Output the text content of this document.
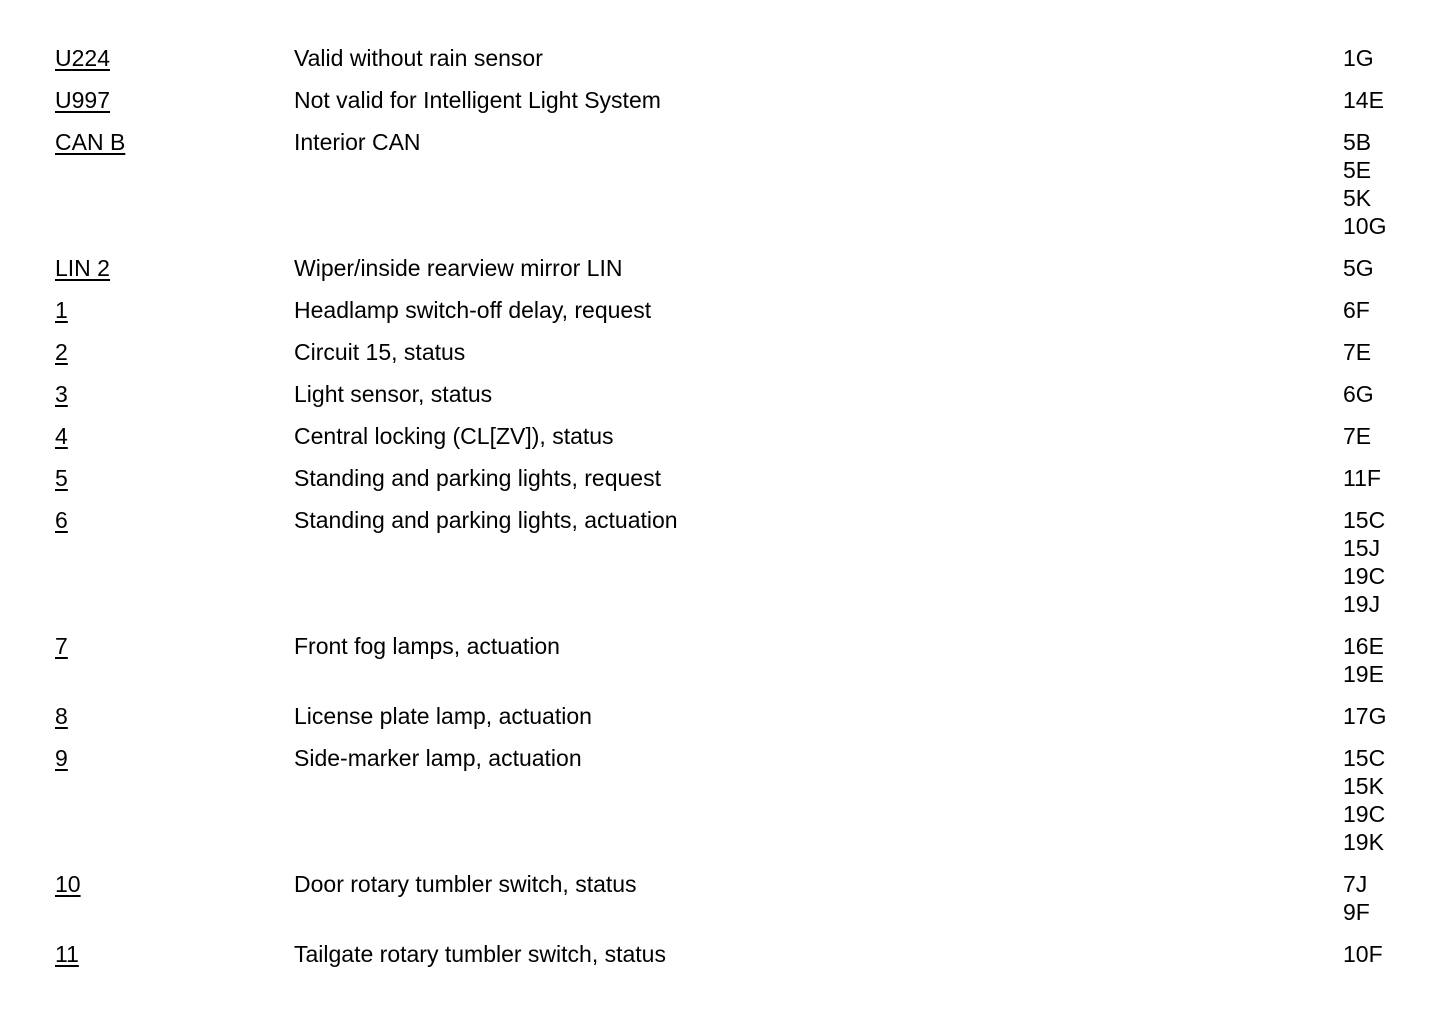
U224	Valid without rain sensor	1G
U997	Not valid for Intelligent Light System	14E
CAN B	Interior CAN	5B
5E
5K
10G
LIN 2	Wiper/inside rearview mirror LIN	5G
1	Headlamp switch-off delay, request	6F
2	Circuit 15, status	7E
3	Light sensor, status	6G
4	Central locking (CL[ZV]), status	7E
5	Standing and parking lights, request	11F
6	Standing and parking lights, actuation	15C
15J
19C
19J
7	Front fog lamps, actuation	16E
19E
8	License plate lamp, actuation	17G
9	Side-marker lamp, actuation	15C
15K
19C
19K
10	Door rotary tumbler switch, status	7J
9F
11	Tailgate rotary tumbler switch, status	10F
